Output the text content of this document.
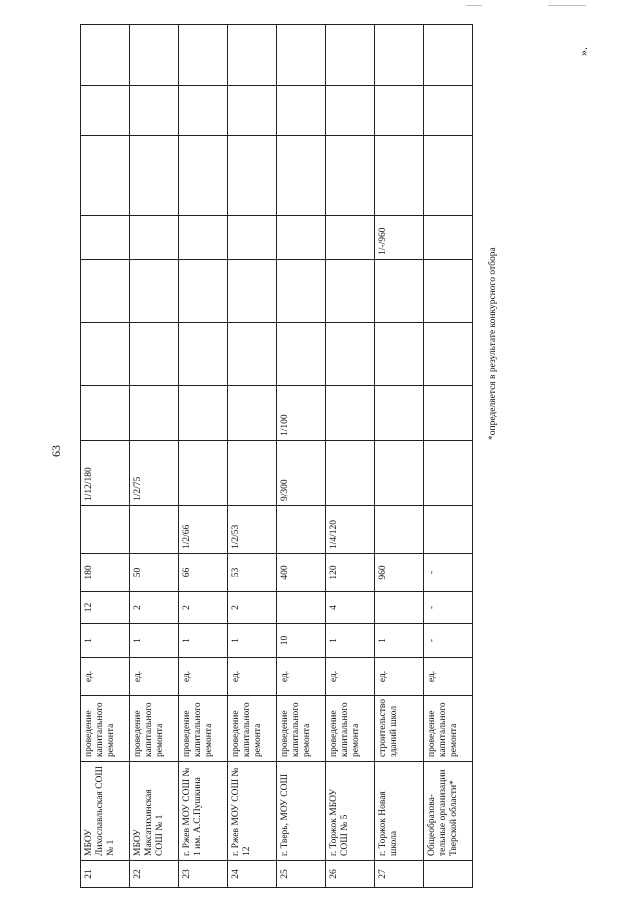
63
21	МБОУ Лихославльская СОШ № 1	проведение капитального ремонта	ед.	1	12	180		1/12/180							
22	МБОУ Максатихинская СОШ № 1	проведение капитального ремонта	ед.	1	2	50		1/2/75							
23	г. Ржев МОУ СОШ № 1 им. А.С.Пушкина	проведение капитального ремонта	ед.	1	2	66	1/2/66								
24	г. Ржев МОУ СОШ № 12	проведение капитального ремонта	ед.	1	2	53	1/2/53								
25	г. Тверь, МОУ СОШ	проведение капитального ремонта	ед.	10		400		9/300	1/100						
26	г. Торжок МБОУ СОШ № 5	проведение капитального ремонта	ед.	1	4	120	1/4/120								
27	г. Торжок Новая школа	строительство зданий школ	ед.	1		960						1/-/960			
	Общеобразова-тельные организации Тверской области*	проведение капитального ремонта	ед.	-	-	-									
*определяется в результате конкурсного отбора
».
